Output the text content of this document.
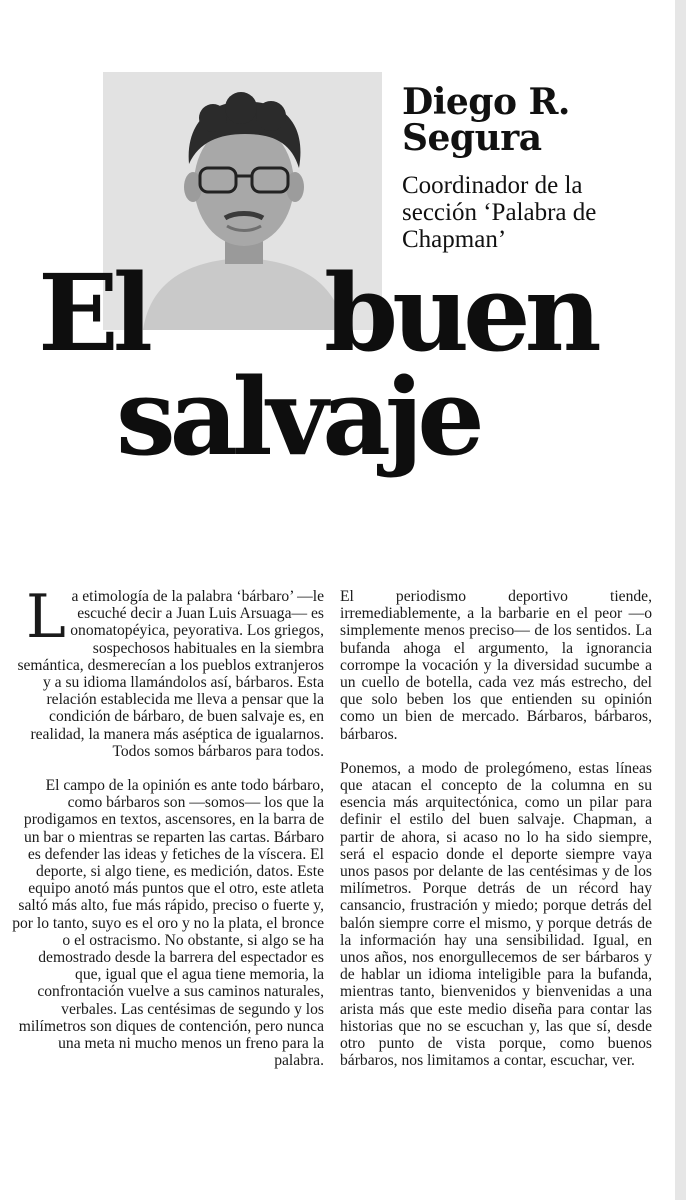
Diego R. Segura

Coordinador de la sección ‘Palabra de Chapman’

El buen
salvaje

L a etimología de la palabra ‘bárbaro’ —le escuché decir a Juan Luis Arsuaga— es onomatopéyica, peyorativa. Los griegos, sospechosos habituales en la siembra semántica, desmerecían a los pueblos extranjeros y a su idioma llamándolos así, bárbaros. Esta relación establecida me lleva a pensar que la condición de bárbaro, de buen salvaje es, en realidad, la manera más aséptica de igualarnos. Todos somos bárbaros para todos.

El campo de la opinión es ante todo bárbaro, como bárbaros son —somos— los que la prodigamos en textos, ascensores, en la barra de un bar o mientras se reparten las cartas. Bárbaro es defender las ideas y fetiches de la víscera. El deporte, si algo tiene, es medición, datos. Este equipo anotó más puntos que el otro, este atleta saltó más alto, fue más rápido, preciso o fuerte y, por lo tanto, suyo es el oro y no la plata, el bronce o el ostracismo. No obstante, si algo se ha demostrado desde la barrera del espectador es que, igual que el agua tiene memoria, la confrontación vuelve a sus caminos naturales, verbales. Las centésimas de segundo y los milímetros son diques de contención, pero nunca una meta ni mucho menos un freno para la palabra.

El periodismo deportivo tiende, irremediablemente, a la barbarie en el peor —o simplemente menos preciso— de los sentidos. La bufanda ahoga el argumento, la ignorancia corrompe la vocación y la diversidad sucumbe a un cuello de botella, cada vez más estrecho, del que solo beben los que entienden su opinión como un bien de mercado. Bárbaros, bárbaros, bárbaros.

Ponemos, a modo de prolegómeno, estas líneas que atacan el concepto de la columna en su esencia más arquitectónica, como un pilar para definir el estilo del buen salvaje. Chapman, a partir de ahora, si acaso no lo ha sido siempre, será el espacio donde el deporte siempre vaya unos pasos por delante de las centésimas y de los milímetros. Porque detrás de un récord hay cansancio, frustración y miedo; porque detrás del balón siempre corre el mismo, y porque detrás de la información hay una sensibilidad. Igual, en unos años, nos enorgullecemos de ser bárbaros y de hablar un idioma inteligible para la bufanda, mientras tanto, bienvenidos y bienvenidas a una arista más que este medio diseña para contar las historias que no se escuchan y, las que sí, desde otro punto de vista porque, como buenos bárbaros, nos limitamos a contar, escuchar, ver.
